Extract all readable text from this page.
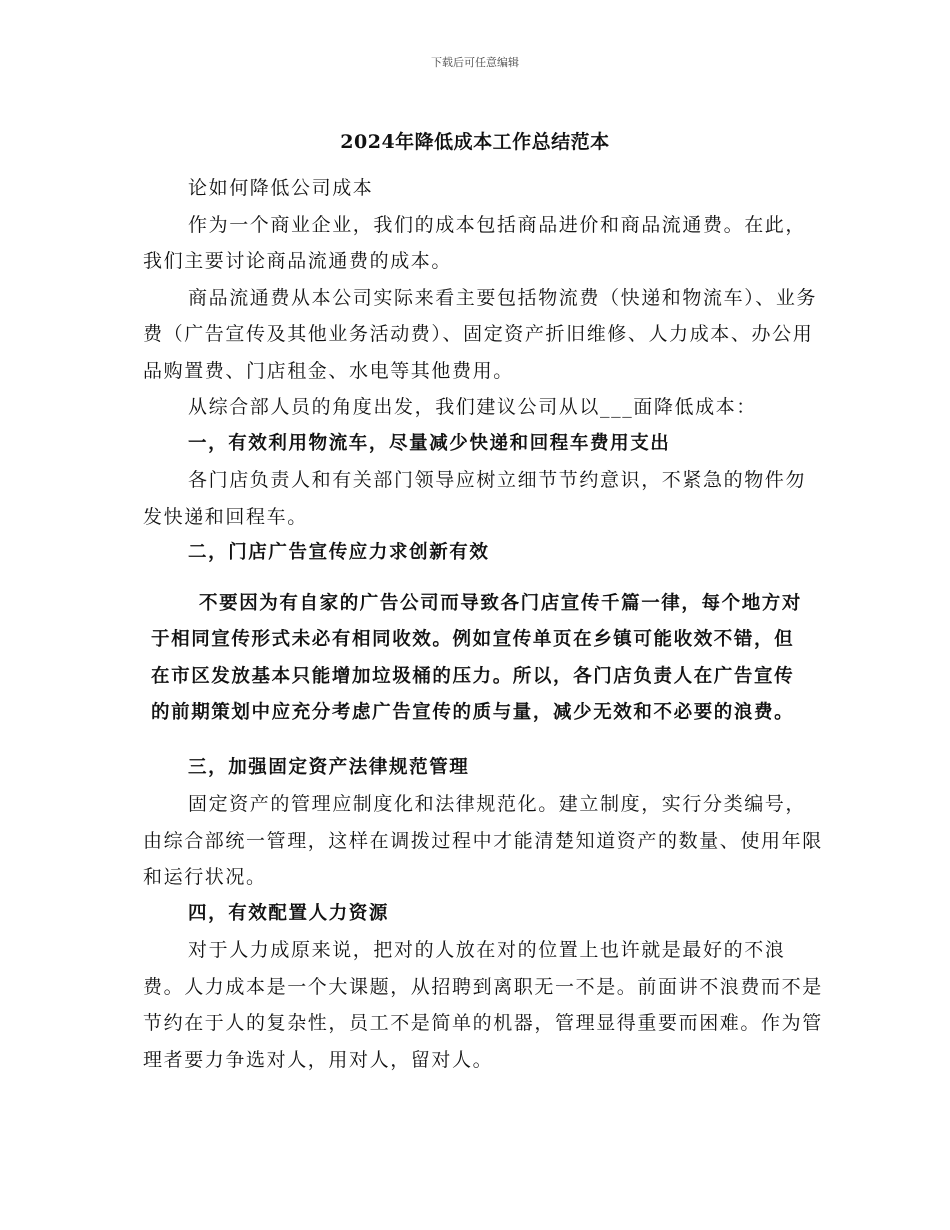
下载后可任意编辑
2024年降低成本工作总结范本

论如何降低公司成本

作为一个商业企业，我们的成本包括商品进价和商品流通费。在此，我们主要讨论商品流通费的成本。

商品流通费从本公司实际来看主要包括物流费（快递和物流车）、业务费（广告宣传及其他业务活动费）、固定资产折旧维修、人力成本、办公用品购置费、门店租金、水电等其他费用。

从综合部人员的角度出发，我们建议公司从以___面降低成本：

一，有效利用物流车，尽量减少快递和回程车费用支出

各门店负责人和有关部门领导应树立细节节约意识，不紧急的物件勿发快递和回程车。

二，门店广告宣传应力求创新有效

不要因为有自家的广告公司而导致各门店宣传千篇一律，每个地方对于相同宣传形式未必有相同收效。例如宣传单页在乡镇可能收效不错，但在市区发放基本只能增加垃圾桶的压力。所以，各门店负责人在广告宣传的前期策划中应充分考虑广告宣传的质与量，减少无效和不必要的浪费。

三，加强固定资产法律规范管理

固定资产的管理应制度化和法律规范化。建立制度，实行分类编号，由综合部统一管理，这样在调拨过程中才能清楚知道资产的数量、使用年限和运行状况。

四，有效配置人力资源

对于人力成原来说，把对的人放在对的位置上也许就是最好的不浪费。人力成本是一个大课题，从招聘到离职无一不是。前面讲不浪费而不是节约在于人的复杂性，员工不是简单的机器，管理显得重要而困难。作为管理者要力争选对人，用对人，留对人。
